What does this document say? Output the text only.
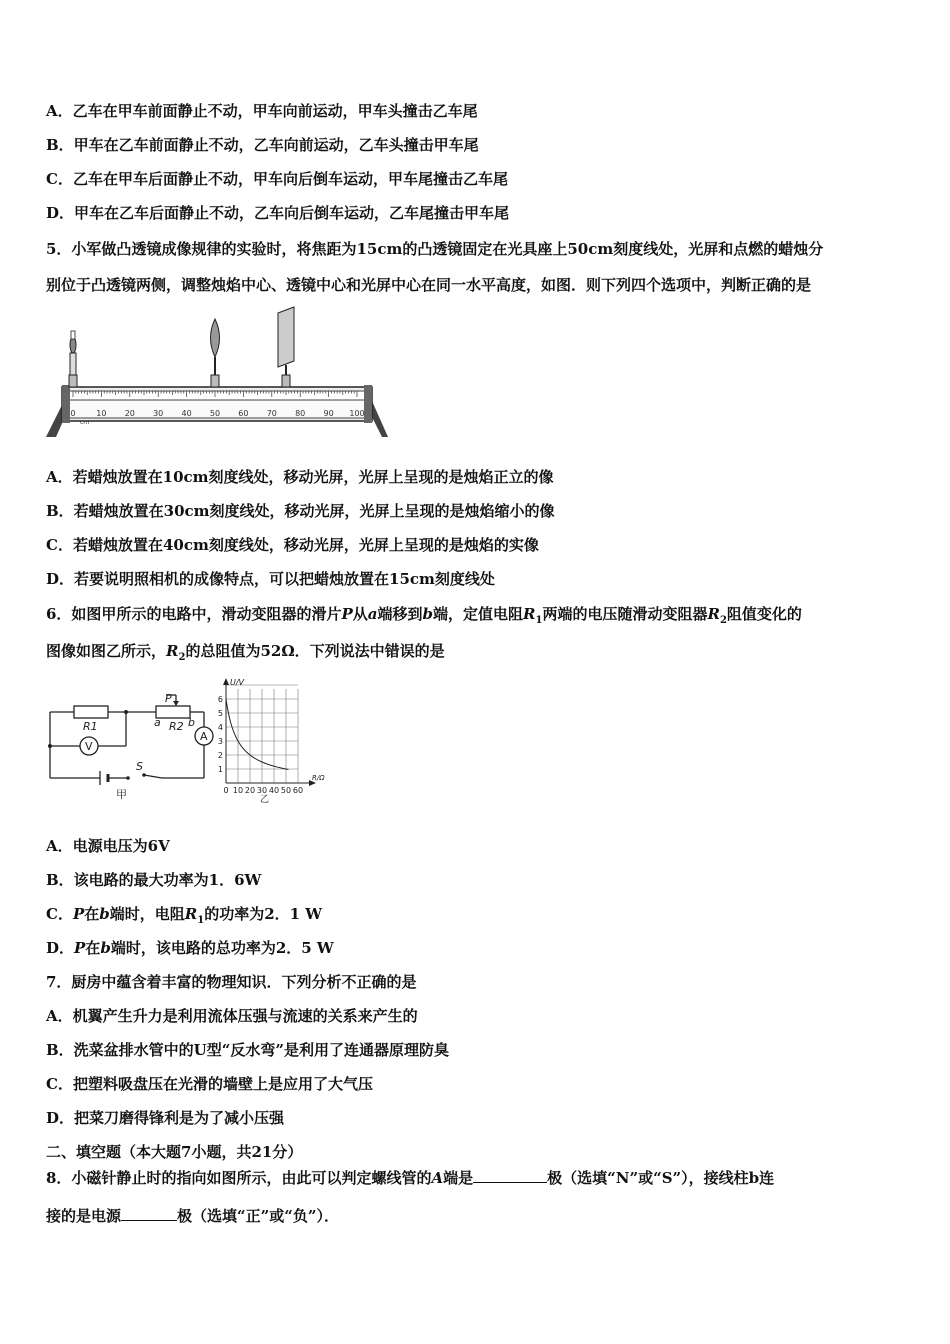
A．乙车在甲车前面静止不动，甲车向前运动，甲车头撞击乙车尾
B．甲车在乙车前面静止不动，乙车向前运动，乙车头撞击甲车尾
C．乙车在甲车后面静止不动，甲车向后倒车运动，甲车尾撞击乙车尾
D．甲车在乙车后面静止不动，乙车向后倒车运动，乙车尾撞击甲车尾
5．小军做凸透镜成像规律的实验时，将焦距为15cm的凸透镜固定在光具座上50cm刻度线处，光屏和点燃的蜡烛分
别位于凸透镜两侧，调整烛焰中心、透镜中心和光屏中心在同一水平高度，如图．则下列四个选项中，判断正确的是
0	10 20 30 40 50 60 70 80 90 100
cm
A．若蜡烛放置在10cm刻度线处，移动光屏，光屏上呈现的是烛焰正立的像
B．若蜡烛放置在30cm刻度线处，移动光屏，光屏上呈现的是烛焰缩小的像
C．若蜡烛放置在40cm刻度线处，移动光屏，光屏上呈现的是烛焰的实像
D．若要说明照相机的成像特点，可以把蜡烛放置在15cm刻度线处
6．如图甲所示的电路中，滑动变阻器的滑片P从a端移到b端，定值电阻$R_1$两端的电压随滑动变阻器$R_2$阻值变化的
图像如图乙所示，$R_2$的总阻值为52Ω．下列说法中错误的是
R1	R2
P
a b
V
A
S
甲
1
2
3
4
5
6
0 10 20 30 40 50 60
U/V
R/Ω
乙
A．电源电压为6V
B．该电路的最大功率为1．6W
C．P在b端时，电阻$R_1$的功率为2．1 W
D．P在b端时，该电路的总功率为2．5 W
7．厨房中蕴含着丰富的物理知识．下列分析不正确的是
A．机翼产生升力是利用流体压强与流速的关系来产生的
B．洗菜盆排水管中的U型“反水弯”是利用了连通器原理防臭
C．把塑料吸盘压在光滑的墙壁上是应用了大气压
D．把菜刀磨得锋利是为了减小压强
二、填空题（本大题7小题，共21分）
8．小磁针静止时的指向如图所示，由此可以判定螺线管的A端是	极（选填“N”或“S”），接线柱b连
接的是电源	极（选填“正”或“负”）．
